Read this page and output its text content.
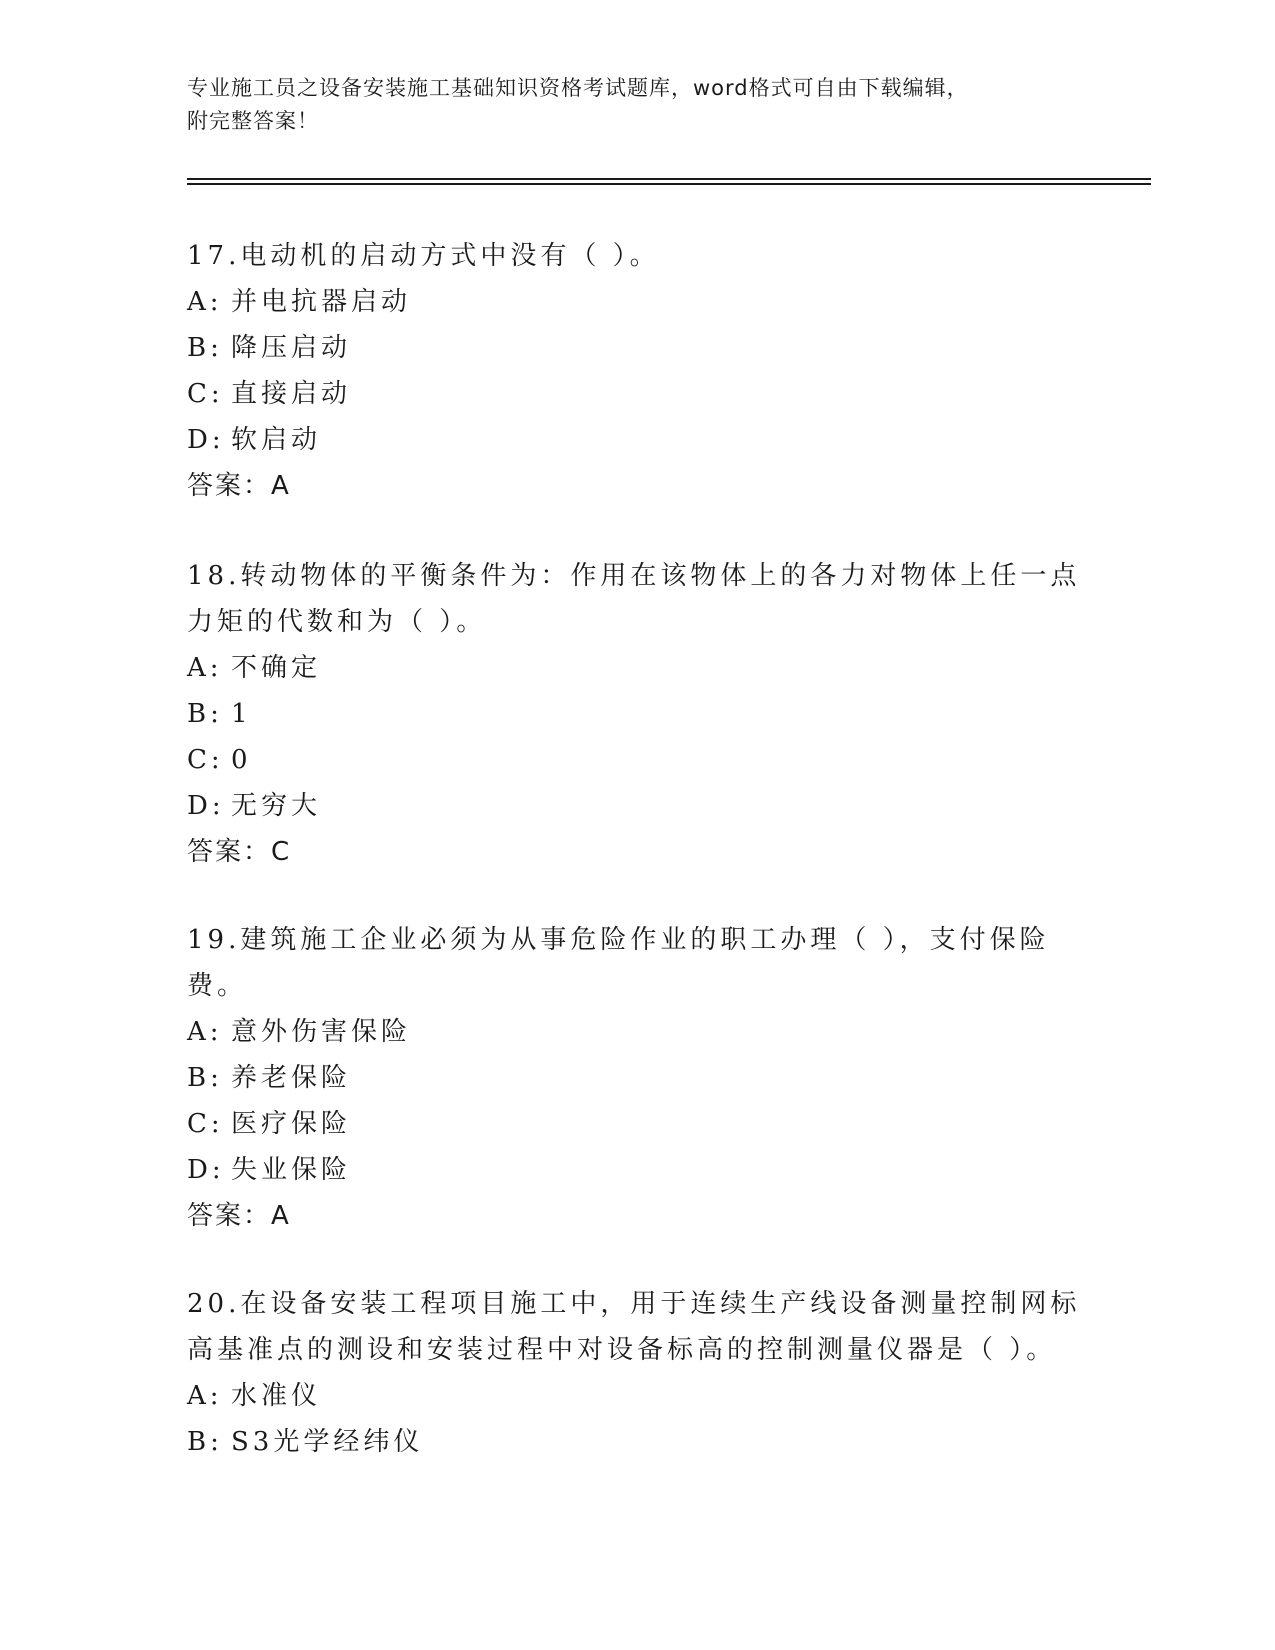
专业施工员之设备安装施工基础知识资格考试题库，word格式可自由下载编辑，
附完整答案！
17.电动机的启动方式中没有（ ）。
A: 并电抗器启动
B: 降压启动
C: 直接启动
D: 软启动
答案：A
18.转动物体的平衡条件为：作用在该物体上的各力对物体上任一点力矩的代数和为（ ）。
A: 不确定
B: 1
C: 0
D: 无穷大
答案：C
19.建筑施工企业必须为从事危险作业的职工办理（ ），支付保险费。
A: 意外伤害保险
B: 养老保险
C: 医疗保险
D: 失业保险
答案：A
20.在设备安装工程项目施工中，用于连续生产线设备测量控制网标高基准点的测设和安装过程中对设备标高的控制测量仪器是（ ）。
A: 水准仪
B: S3光学经纬仪
